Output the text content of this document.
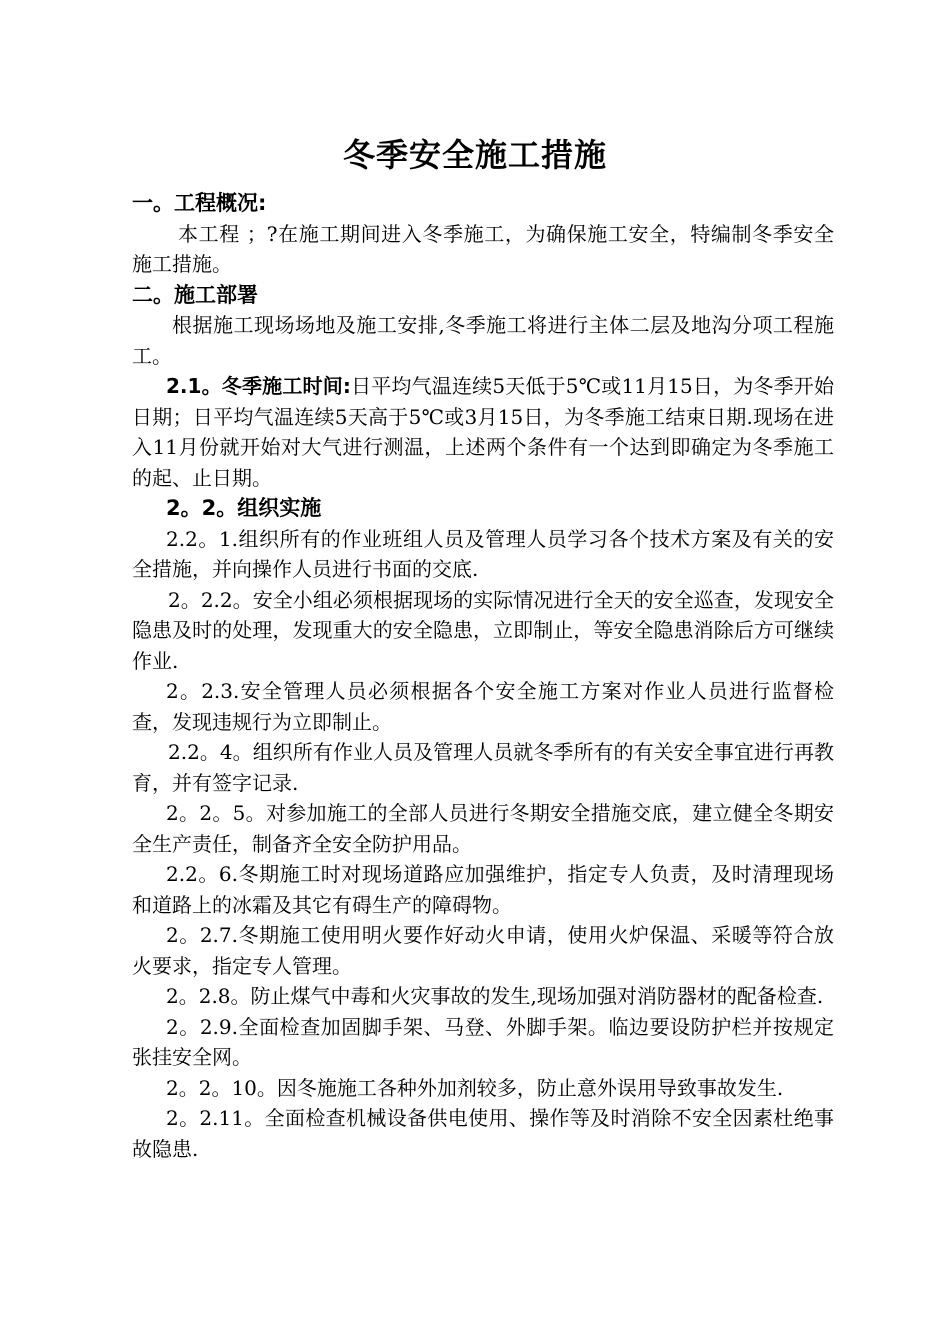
冬季安全施工措施

一。工程概况:

本工程 ；?在施工期间进入冬季施工，为确保施工安全，特编制冬季安全施工措施。

二。施工部署

根据施工现场场地及施工安排,冬季施工将进行主体二层及地沟分项工程施工。

2.1。冬季施工时间:日平均气温连续5天低于5℃或11月15日，为冬季开始日期；日平均气温连续5天高于5℃或3月15日，为冬季施工结束日期.现场在进入11月份就开始对大气进行测温，上述两个条件有一个达到即确定为冬季施工的起、止日期。

2。2。组织实施

2.2。1.组织所有的作业班组人员及管理人员学习各个技术方案及有关的安全措施，并向操作人员进行书面的交底.

2。2.2。安全小组必须根据现场的实际情况进行全天的安全巡查，发现安全隐患及时的处理，发现重大的安全隐患，立即制止，等安全隐患消除后方可继续作业.

2。2.3.安全管理人员必须根据各个安全施工方案对作业人员进行监督检查，发现违规行为立即制止。

2.2。4。组织所有作业人员及管理人员就冬季所有的有关安全事宜进行再教育，并有签字记录.

2。2。5。对参加施工的全部人员进行冬期安全措施交底，建立健全冬期安全生产责任，制备齐全安全防护用品。

2.2。6.冬期施工时对现场道路应加强维护，指定专人负责，及时清理现场和道路上的冰霜及其它有碍生产的障碍物。

2。2.7.冬期施工使用明火要作好动火申请，使用火炉保温、采暖等符合放火要求，指定专人管理。

2。2.8。防止煤气中毒和火灾事故的发生,现场加强对消防器材的配备检查.

2。2.9.全面检查加固脚手架、马登、外脚手架。临边要设防护栏并按规定张挂安全网。

2。2。10。因冬施施工各种外加剂较多，防止意外误用导致事故发生.

2。2.11。全面检查机械设备供电使用、操作等及时消除不安全因素杜绝事故隐患.
